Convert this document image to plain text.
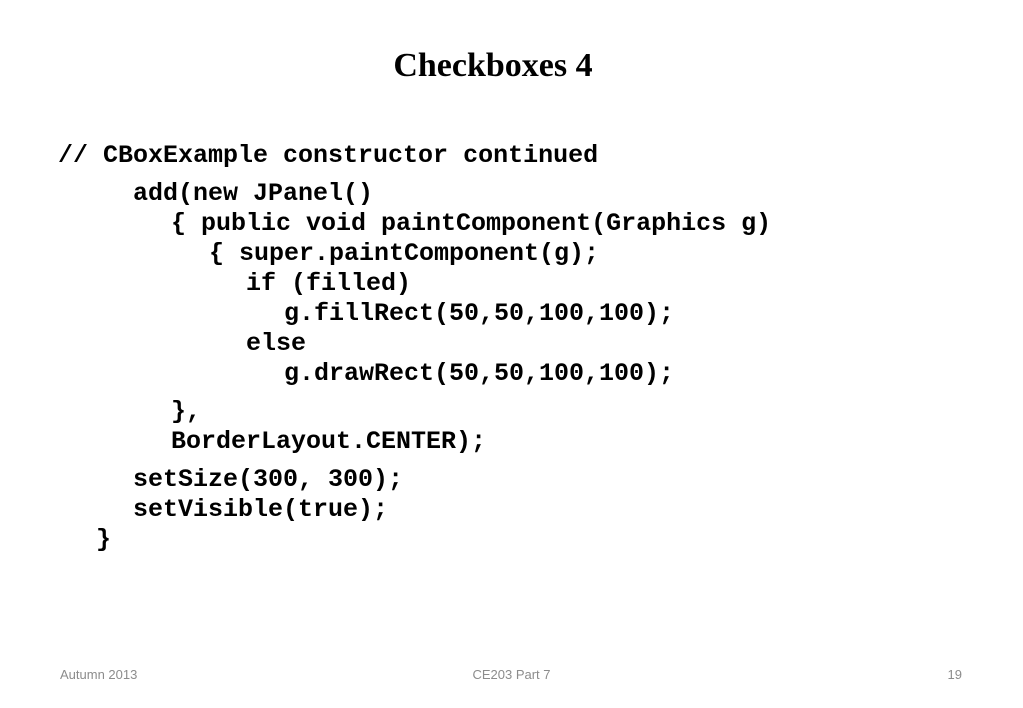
Checkboxes 4
// CBoxExample constructor continued
add(new JPanel()
{ public void paintComponent(Graphics g)
{ super.paintComponent(g);
if (filled)
g.fillRect(50,50,100,100);
else
g.drawRect(50,50,100,100);
},
BorderLayout.CENTER);
setSize(300, 300);
setVisible(true);
}
Autumn 2013	CE203 Part 7	19
